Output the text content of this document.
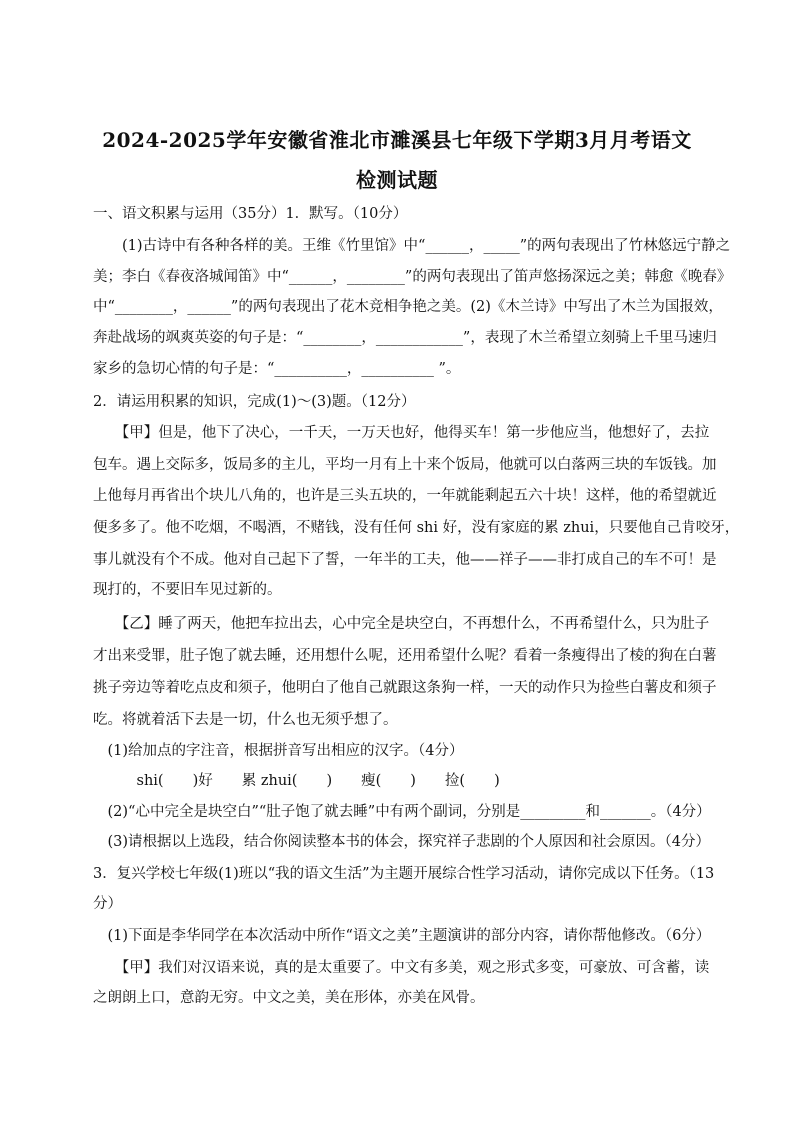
2024-2025学年安徽省淮北市濉溪县七年级下学期3月月考语文
检测试题
一、语文积累与运用（35分）1．默写。（10分）
　　(1)古诗中有各种各样的美。王维《竹里馆》中“______，_____”的两句表现出了竹林悠远宁静之
美；李白《春夜洛城闻笛》中“______，________”的两句表现出了笛声悠扬深远之美；韩愈《晚春》
中“________，______”的两句表现出了花木竞相争艳之美。(2)《木兰诗》中写出了木兰为国报效，
奔赴战场的飒爽英姿的句子是：“________，____________”，表现了木兰希望立刻骑上千里马速归
家乡的急切心情的句子是：“__________，__________ ”。
2．请运用积累的知识，完成(1)～(3)题。（12分）
　　【甲】但是，他下了决心，一千天，一万天也好，他得买车！第一步他应当，他想好了，去拉
包车。遇上交际多，饭局多的主儿，平均一月有上十来个饭局，他就可以白落两三块的车饭钱。加
上他每月再省出个块儿八角的，也许是三头五块的，一年就能剩起五六十块！这样，他的希望就近
便多多了。他不吃烟，不喝酒，不赌钱，没有任何 shi 好，没有家庭的累 zhui，只要他自己肯咬牙，
事儿就没有个不成。他对自己起下了誓，一年半的工夫，他——祥子——非打成自己的车不可！是
现打的，不要旧车见过新的。
　　【乙】睡了两天，他把车拉出去，心中完全是块空白，不再想什么，不再希望什么，只为肚子
才出来受罪，肚子饱了就去睡，还用想什么呢，还用希望什么呢？看着一条瘦得出了棱的狗在白薯
挑子旁边等着吃点皮和须子，他明白了他自己就跟这条狗一样，一天的动作只为捡些白薯皮和须子
吃。将就着活下去是一切，什么也无须乎想了。
　(1)给加点的字注音，根据拼音写出相应的汉字。（4分）
　　　shi(　　)好　　累 zhui(　　)　　瘦(　　)　　捡(　　)
　(2)“心中完全是块空白”“肚子饱了就去睡”中有两个副词，分别是_________和_______。（4分）
　(3)请根据以上选段，结合你阅读整本书的体会，探究祥子悲剧的个人原因和社会原因。（4分）
3．复兴学校七年级(1)班以“我的语文生活”为主题开展综合性学习活动，请你完成以下任务。（13
分）
　(1)下面是李华同学在本次活动中所作“语文之美”主题演讲的部分内容，请你帮他修改。（6分）
　　【甲】我们对汉语来说，真的是太重要了。中文有多美，观之形式多变，可豪放、可含蓄，读
之朗朗上口，意韵无穷。中文之美，美在形体，亦美在风骨。
